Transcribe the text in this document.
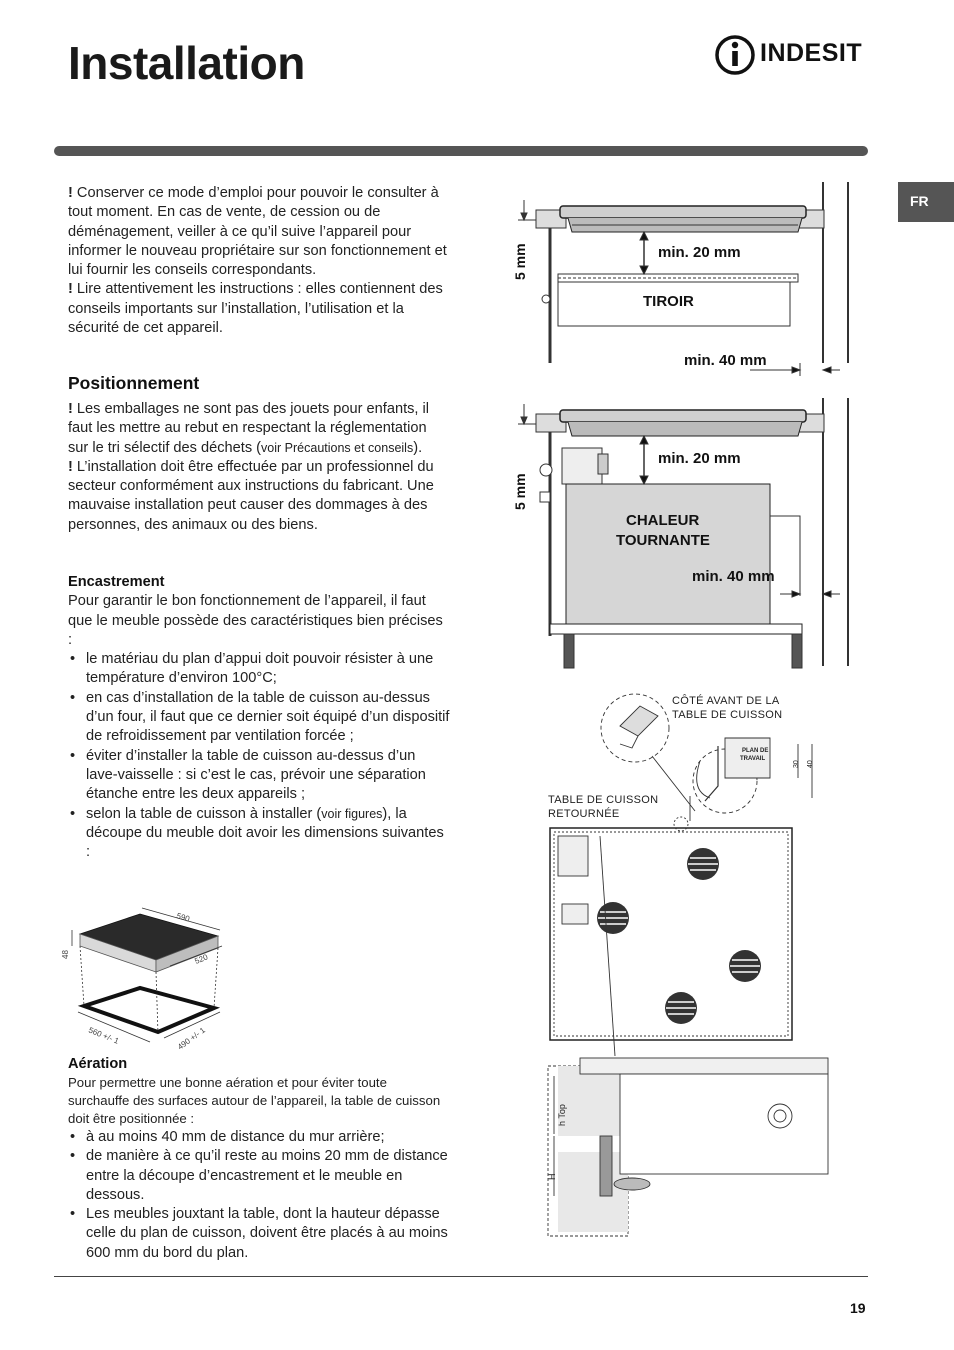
Installation	INDESIT
FR

! Conserver ce mode d’emploi pour pouvoir le consulter à tout moment. En cas de vente, de cession ou de déménagement, veiller à ce qu’il suive l’appareil pour informer le nouveau propriétaire sur son fonctionnement et lui fournir les conseils correspondants.

! Lire attentivement les instructions : elles contiennent des conseils importants sur l’installation, l’utilisation et la sécurité de cet appareil.

Positionnement

! Les emballages ne sont pas des jouets pour enfants, il faut les mettre au rebut en respectant la réglementation sur le tri sélectif des déchets (voir Précautions et conseils).

! L’installation doit être effectuée par un professionnel du secteur conformément aux instructions du fabricant. Une mauvaise installation peut causer des dommages à des personnes, des animaux ou des biens.

Encastrement

Pour garantir le bon fonctionnement de l’appareil, il faut que le meuble possède des caractéristiques bien précises :

• le matériau du plan d’appui doit pouvoir résister à une température d’environ 100°C;
• en cas d’installation de la table de cuisson au-dessus d’un four, il faut que ce dernier soit équipé d’un dispositif de refroidissement par ventilation forcée ;
• éviter d’installer la table de cuisson au-dessus d’un lave-vaisselle : si c’est le cas, prévoir une séparation étanche entre les deux appareils ;
• selon la table de cuisson à installer (voir figures), la découpe du meuble doit avoir les dimensions suivantes :
590
48	520
560 +/- 1	490 +/- 1
Aération

Pour permettre une bonne aération et pour éviter toute surchauffe des surfaces autour de l’appareil, la table de cuisson doit être positionnée :

• à au moins 40 mm de distance du mur arrière;
• de manière à ce qu’il reste au moins 20 mm de distance entre la découpe d’encastrement et le meuble en dessous.
• Les meubles jouxtant la table, dont la hauteur dépasse celle du plan de cuisson, doivent être placés à au moins 600 mm du bord du plan.
min. 20 mm
5 mm
TIROIR
min. 40 mm
min. 20 mm
5 mm
CHALEUR
TOURNANTE
min. 40 mm
h Top
H
PLAN DE
TRAVAIL
30 40
CÔTÉ AVANT DE LA
TABLE DE CUISSON
TABLE DE CUISSON
RETOURNÉE
19
